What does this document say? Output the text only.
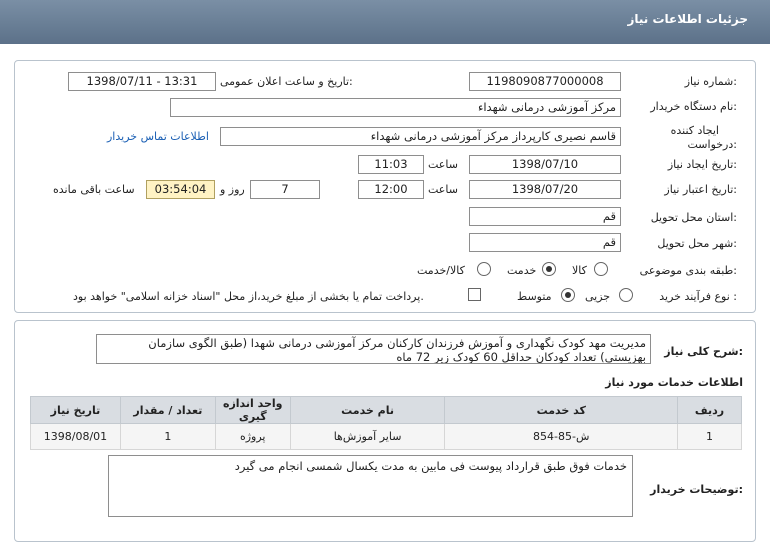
جزئیات اطلاعات نیاز
شماره نیاز:
1198090877000008
تاریخ و ساعت اعلان عمومی:
1398/07/11 - 13:31
نام دستگاه خریدار:
مرکز آموزشی درمانی شهداء
ایجاد کننده
درخواست:
قاسم نصیری کارپرداز مرکز آموزشی درمانی شهداء
اطلاعات تماس خریدار
تاریخ ایجاد نیاز:
1398/07/10
ساعت
11:03
تاریخ اعتبار نیاز:
1398/07/20
ساعت
12:00
7
روز و
03:54:04
ساعت باقی مانده
استان محل تحویل:
قم
شهر محل تحویل:
قم
طبقه بندی موضوعی:
کالا
خدمت
کالا/خدمت
نوع فرآیند خرید :
جزیی
متوسط
پرداخت تمام یا بخشی از مبلغ خرید،از محل "اسناد خزانه اسلامی" خواهد بود.
شرح کلی نیاز:
مدیریت مهد کودک نگهداری و آموزش فرزندان کارکنان مرکز آموزشی درمانی شهدا (طبق الگوی سازمان بهزیستی) تعداد کودکان حداقل 60 کودک زیر 72 ماه
اطلاعات خدمات مورد نیاز
تاریخ نیاز	تعداد / مقدار	واحد اندازه گیری	نام خدمت	کد خدمت	ردیف
1398/08/01	1	پروژه	سایر آموزش‌ها	ش-85-854	1
توضیحات خریدار:
خدمات فوق طبق قرارداد پیوست فی مابین به مدت یکسال شمسی انجام می گیرد
